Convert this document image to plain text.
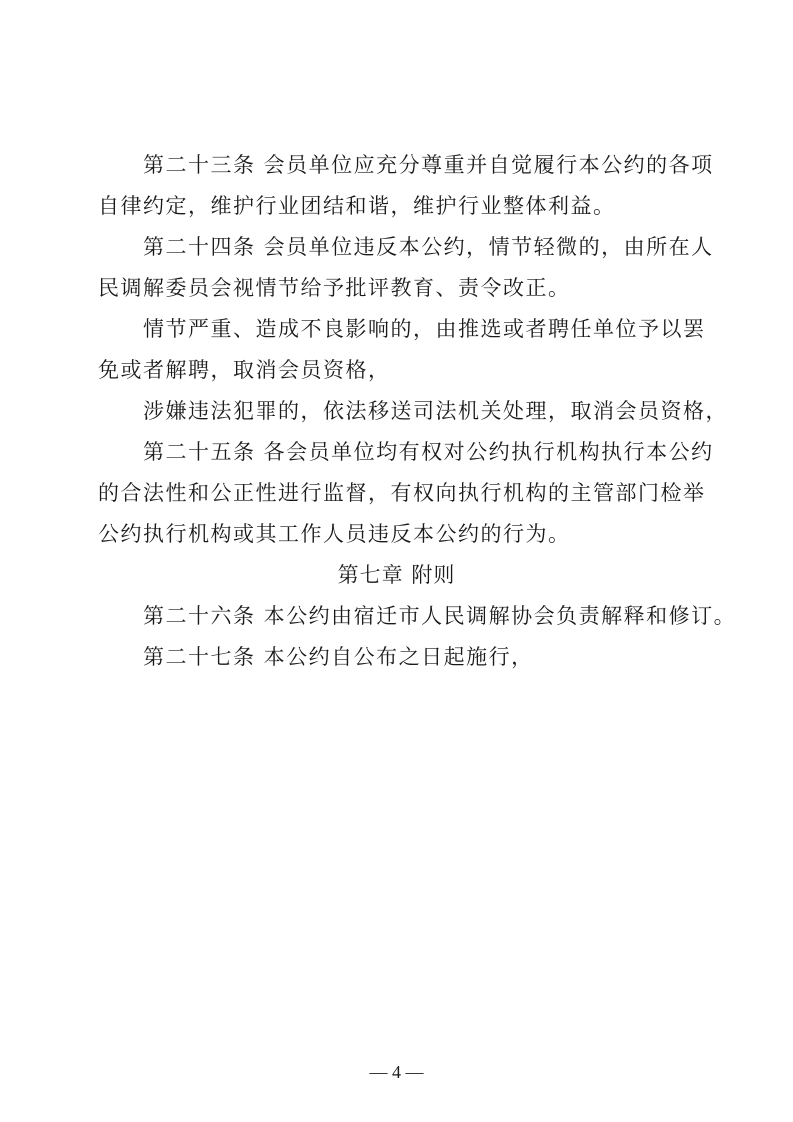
第二十三条 会员单位应充分尊重并自觉履行本公约的各项
自律约定，维护行业团结和谐，维护行业整体利益。
第二十四条 会员单位违反本公约，情节轻微的，由所在人
民调解委员会视情节给予批评教育、责令改正。
情节严重、造成不良影响的，由推选或者聘任单位予以罢
免或者解聘，取消会员资格，
涉嫌违法犯罪的，依法移送司法机关处理，取消会员资格，
第二十五条 各会员单位均有权对公约执行机构执行本公约
的合法性和公正性进行监督，有权向执行机构的主管部门检举
公约执行机构或其工作人员违反本公约的行为。
第七章 附则
第二十六条 本公约由宿迁市人民调解协会负责解释和修订。
第二十七条 本公约自公布之日起施行，
— 4 —
